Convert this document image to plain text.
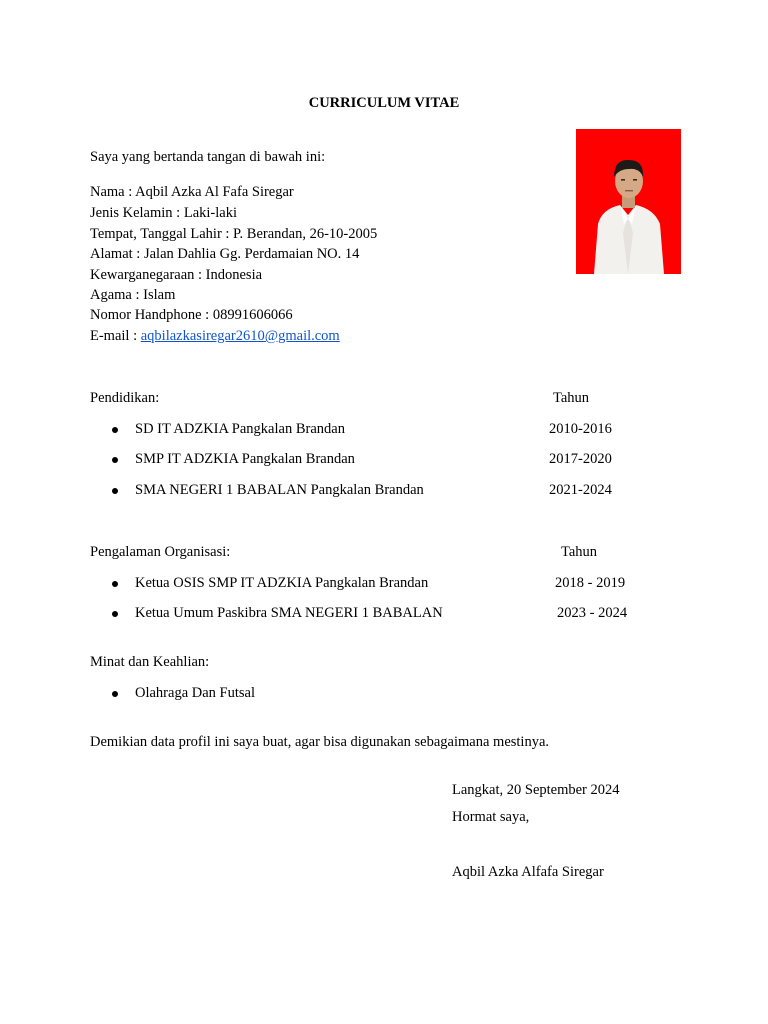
CURRICULUM VITAE
Saya yang bertanda tangan di bawah ini:
Nama : Aqbil Azka Al Fafa Siregar
Jenis Kelamin : Laki-laki
Tempat, Tanggal Lahir : P. Berandan, 26-10-2005
Alamat : Jalan Dahlia Gg. Perdamaian NO. 14
Kewarganegaraan : Indonesia
Agama : Islam
Nomor Handphone : 08991606066
E-mail : aqbilazkasiregar2610@gmail.com
Pendidikan:	Tahun
SD IT ADZKIA Pangkalan Brandan	2010-2016
SMP IT ADZKIA Pangkalan Brandan	2017-2020
SMA NEGERI 1 BABALAN Pangkalan Brandan	2021-2024
Pengalaman Organisasi:	Tahun
Ketua OSIS SMP IT ADZKIA Pangkalan Brandan	2018 - 2019
Ketua Umum Paskibra SMA NEGERI 1 BABALAN	2023 - 2024
Minat dan Keahlian:
Olahraga Dan Futsal
Demikian data profil ini saya buat, agar bisa digunakan sebagaimana mestinya.
Langkat, 20 September 2024
Hormat saya,
Aqbil Azka Alfafa Siregar
